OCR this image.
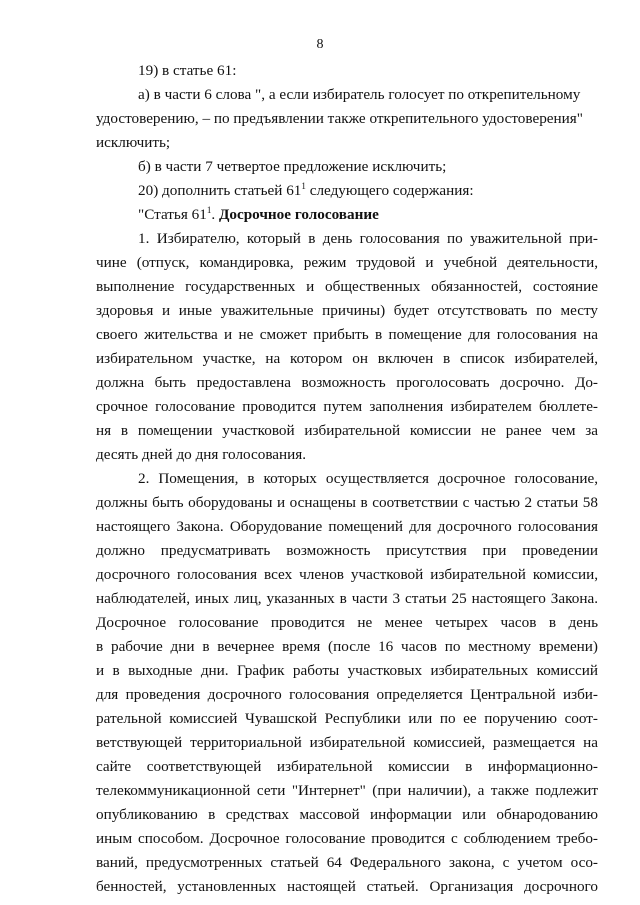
8
19) в статье 61:
а) в части 6 слова ", а если избиратель голосует по открепительному
удостоверению, – по предъявлении также открепительного удостоверения"
исключить;
б) в части 7 четвертое предложение исключить;
20) дополнить статьей $61^1$ следующего содержания:
"Статья $61^1$. Досрочное голосование
1. Избирателю, который в день голосования по уважительной при-
чине (отпуск, командировка, режим трудовой и учебной деятельности,
выполнение государственных и общественных обязанностей, состояние
здоровья и иные уважительные причины) будет отсутствовать по месту
своего жительства и не сможет прибыть в помещение для голосования на
избирательном участке, на котором он включен в список избирателей,
должна быть предоставлена возможность проголосовать досрочно. До-
срочное голосование проводится путем заполнения избирателем бюллете-
ня в помещении участковой избирательной комиссии не ранее чем за
десять дней до дня голосования.
2. Помещения, в которых осуществляется досрочное голосование,
должны быть оборудованы и оснащены в соответствии с частью 2 статьи 58
настоящего Закона. Оборудование помещений для досрочного голосования
должно предусматривать возможность присутствия при проведении
досрочного голосования всех членов участковой избирательной комиссии,
наблюдателей, иных лиц, указанных в части 3 статьи 25 настоящего Закона.
Досрочное голосование проводится не менее четырех часов в день
в рабочие дни в вечернее время (после 16 часов по местному времени)
и в выходные дни. График работы участковых избирательных комиссий
для проведения досрочного голосования определяется Центральной изби-
рательной комиссией Чувашской Республики или по ее поручению соот-
ветствующей территориальной избирательной комиссией, размещается на
сайте соответствующей избирательной комиссии в информационно-
телекоммуникационной сети "Интернет" (при наличии), а также подлежит
опубликованию в средствах массовой информации или обнародованию
иным способом. Досрочное голосование проводится с соблюдением требо-
ваний, предусмотренных статьей 64 Федерального закона, с учетом осо-
бенностей, установленных настоящей статьей. Организация досрочного
